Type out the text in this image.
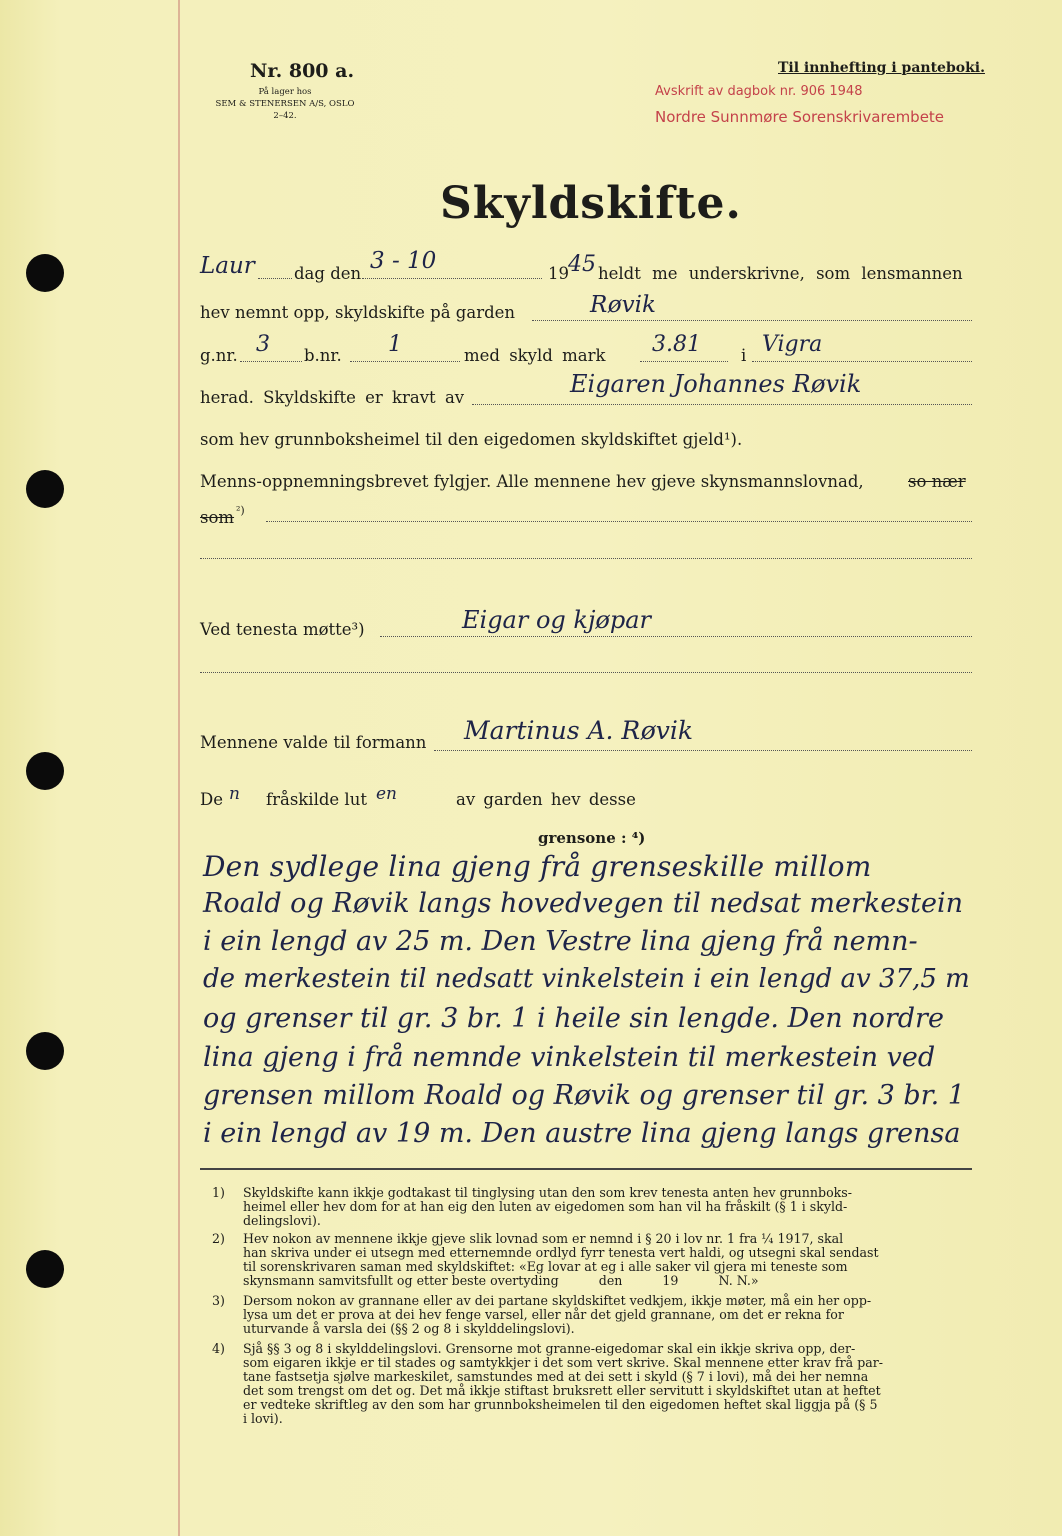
Nr. 800 a.
På lager hos
SEM & STENERSEN A/S, OSLO
2–42.
Til innhefting i panteboki.
Avskrift av dagbok nr. 906 1948
Nordre Sunnmøre Sorenskrivarembete
Skyldskifte.
Laur dag den 3 - 10	19 45 heldt me underskrivne, som lensmannen
hev nemnt opp, skyldskifte på garden	Røvik
g.nr. 3 b.nr. 1	med skyld mark 3.81 i Vigra
herad. Skyldskifte er kravt av	Eigaren Johannes Røvik
som hev grunnboksheimel til den eigedomen skyldskiftet gjeld¹).
Menns-oppnemningsbrevet fylgjer. Alle mennene hev gjeve skynsmannslovnad,	so nær
som ²)
Ved tenesta møtte³)	Eigar og kjøpar
Mennene valde til formann Martinus A. Røvik
De n fråskilde lut en	av garden hev desse
grensone : ⁴)
Den sydlege lina gjeng frå grenseskille millom
Roald og Røvik langs hovedvegen til nedsat merkestein
i ein lengd av 25 m. Den Vestre lina gjeng frå nemn-
de merkestein til nedsatt vinkelstein i ein lengd av 37,5 m
og grenser til gr. 3 br. 1 i heile sin lengde. Den nordre
lina gjeng i frå nemnde vinkelstein til merkestein ved
grensen millom Roald og Røvik og grenser til gr. 3 br. 1
i ein lengd av 19 m. Den austre lina gjeng langs grensa
1) Skyldskifte kann ikkje godtakast til tinglysing utan den som krev tenesta anten hev grunnboks-
heimel eller hev dom for at han eig den luten av eigedomen som han vil ha fråskilt (§ 1 i skyld-
delingslovi).
2) Hev nokon av mennene ikkje gjeve slik lovnad som er nemnd i § 20 i lov nr. 1 fra ¼ 1917, skal
han skriva under ei utsegn med etternemnde ordlyd fyrr tenesta vert haldi, og utsegni skal sendast
til sorenskrivaren saman med skyldskiftet: «Eg lovar at eg i alle saker vil gjera mi teneste som
skynsmann samvitsfullt og etter beste overtyding          den          19          N. N.»
3) Dersom nokon av grannane eller av dei partane skyldskiftet vedkjem, ikkje møter, må ein her opp-
lysa um det er prova at dei hev fenge varsel, eller når det gjeld grannane, om det er rekna for
uturvande å varsla dei (§§ 2 og 8 i skylddelingslovi).
4) Sjå §§ 3 og 8 i skylddelingslovi. Grensorne mot granne-eigedomar skal ein ikkje skriva opp, der-
som eigaren ikkje er til stades og samtykkjer i det som vert skrive. Skal mennene etter krav frå par-
tane fastsetja sjølve markeskilet, samstundes med at dei sett i skyld (§ 7 i lovi), må dei her nemna
det som trengst om det og. Det må ikkje stiftast bruksrett eller servitutt i skyldskiftet utan at heftet
er vedteke skriftleg av den som har grunnboksheimelen til den eigedomen heftet skal liggja på (§ 5
i lovi).
